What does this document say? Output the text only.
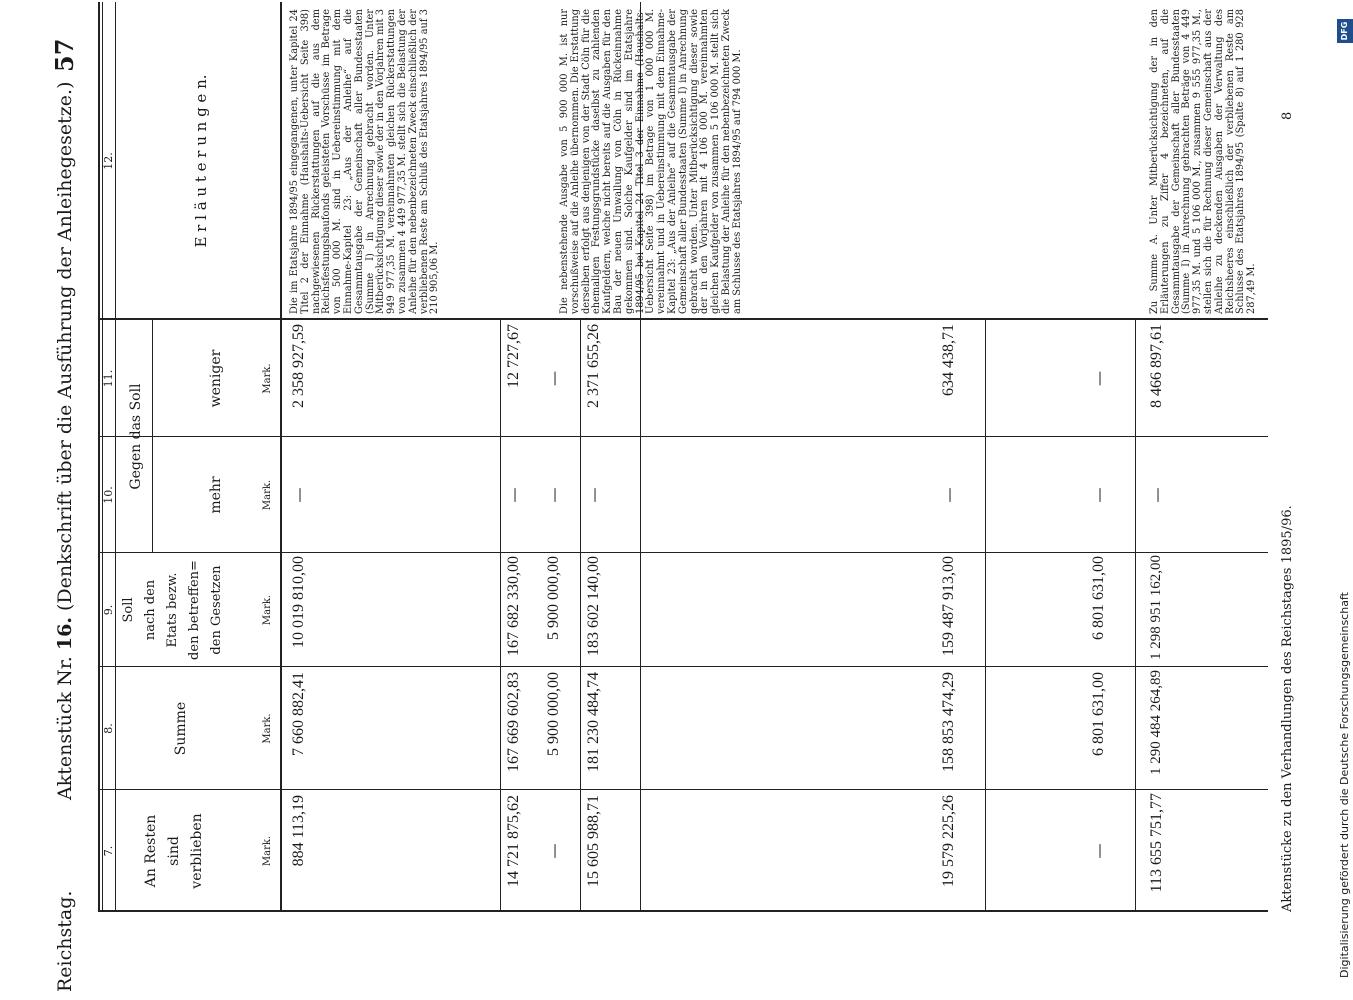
Reichstag.
Aktenstück Nr. 16. (Denkschrift über die Ausführung der Anleihegesetze.)
57
7.
8.
9.
10.
11.
12.
An Resten sind verblieben
Summe
Soll nach den Etats bezw. den betreffen= den Gesetzen
Gegen das Soll
mehr
weniger
E r l ä u t e r u n g e n.
Mark.
Mark.
Mark.
Mark.
Mark.
884 113,19
7 660 882,41
10 019 810,00
—
2 358 927,59
14 721 875,62
167 669 602,83
167 682 330,00
—
12 727,67
—
5 900 000,00
5 900 000,00
—
—
15 605 988,71
181 230 484,74
183 602 140,00
—
2 371 655,26
19 579 225,26
158 853 474,29
159 487 913,00
—
634 438,71
—
6 801 631,00
6 801 631,00
—
—
113 655 751,77
1 290 484 264,89
1 298 951 162,00
—
8 466 897,61
Die im Etatsjahre 1894/95 eingegangenen, unter Kapitel 24 Titel 2 der Einnahme (Haushalts-Uebersicht Seite 398) nachgewiesenen Rückerstattungen auf die aus dem Reichsfestungsbaufonds geleisteten Vorschüsse im Betrage von 500 000 M. sind in Uebereinstimmung mit dem Einnahme-Kapitel 23: „Aus der Anleihe“ auf die Gesammtausgabe der Gemeinschaft aller Bundesstaaten (Summe I) in Anrechnung gebracht worden. Unter Mitberücksichtigung dieser sowie der in den Vorjahren mit 3 949 977,35 M. vereinnahmten gleichen Rückerstattungen von zusammen 4 449 977,35 M. stellt sich die Belastung der Anleihe für den nebenbezeichneten Zweck einschließlich der verbliebenen Reste am Schluß des Etatsjahres 1894/95 auf 3 210 905,06 M.	Die nebenstehende Ausgabe von 5 900 000 M. ist nur vorschußweise auf die Anleihe übernommen. Die Erstattung derselben erfolgt aus denjenigen von der Stadt Cöln für die ehemaligen Festungsgrundstücke daselbst zu zahlenden Kaufgeldern, welche nicht bereits auf die Ausgaben für den Bau der neuen Umwallung von Cöln in Rückeinnahme gekommen sind. Solche Kaufgelder sind im Etatsjahre 1894/95 bei Kapitel 24 Titel 3 der Einnahme (Haushalts-Uebersicht Seite 398) im Betrage von 1 000 000 M. vereinnahmt und in Uebereinstimmung mit dem Einnahme-Kapitel 23: „Aus der Anleihe“ auf die Gesammtausgabe der Gemeinschaft aller Bundesstaaten (Summe I) in Anrechnung gebracht worden. Unter Mitberücksichtigung dieser sowie der in den Vorjahren mit 4 106 000 M. vereinnahmten gleichen Kaufgelder von zusammen 5 106 000 M. stellt sich die Belastung der Anleihe für den nebenbezeichneten Zweck am Schlusse des Etatsjahres 1894/95 auf 794 000 M.	Zu Summe A. Unter Mitberücksichtigung der in den Erläuterungen zu Ziffer 4 bezeichneten, auf die Gesammtausgabe der Gemeinschaft aller Bundesstaaten (Summe I) in Anrechnung gebrachten Beträge von 4 449 977,35 M. und 5 106 000 M., zusammen 9 555 977,35 M., stellen sich die für Rechnung dieser Gemeinschaft aus der Anleihe zu deckenden Ausgaben der Verwaltung des Reichsheeres einschließlich der verbliebenen Reste am Schlusse des Etatsjahres 1894/95 (Spalte 8) auf 1 280 928 287,49 M.
Aktenstücke zu den Verhandlungen des Reichstages 1895/96.
8
Digitalisierung gefördert durch die Deutsche Forschungsgemeinschaft
DFG
